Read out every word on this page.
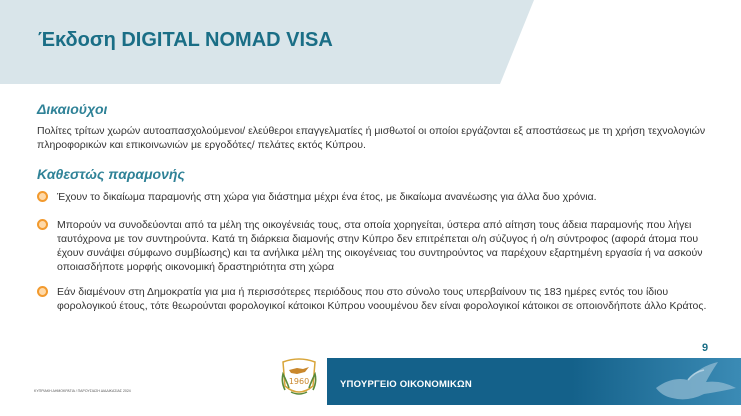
Έκδοση DIGITAL NOMAD VISA
Δικαιούχοι

Πολίτες τρίτων χωρών αυτοαπασχολούμενοι/ ελεύθεροι επαγγελματίες ή μισθωτοί οι οποίοι εργάζονται εξ αποστάσεως με τη χρήση τεχνολογιών πληροφορικών και επικοινωνιών με εργοδότες/ πελάτες εκτός Κύπρου.

Καθεστώς παραμονής

Έχουν το δικαίωμα παραμονής στη χώρα για διάστημα μέχρι ένα έτος, με δικαίωμα ανανέωσης για άλλα δυο χρόνια.

Μπορούν να συνοδεύονται από τα μέλη της οικογένειάς τους, στα οποία χορηγείται, ύστερα από αίτηση τους άδεια παραμονής που λήγει ταυτόχρονα με τον συντηρούντα. Κατά τη διάρκεια διαμονής στην Κύπρο δεν επιτρέπεται ο/η σύζυγος ή ο/η σύντροφος (αφορά άτομα που έχουν συνάψει σύμφωνο συμβίωσης) και τα ανήλικα μέλη της οικογένειας του συντηρούντος να παρέχουν εξαρτημένη εργασία ή να ασκούν οποιασδήποτε μορφής οικονομική δραστηριότητα στη χώρα

Εάν διαμένουν στη Δημοκρατία για μια ή περισσότερες περιόδους που στο σύνολο τους υπερβαίνουν τις 183 ημέρες εντός του ίδιου φορολογικού έτους, τότε θεωρούνται φορολογικοί κάτοικοι Κύπρου νοουμένου δεν είναι φορολογικοί κάτοικοι σε οποιονδήποτε άλλο Κράτος.

9
ΚΥΠΡΙΑΚΗ ΔΗΜΟΚΡΑΤΙΑ / ΠΑΡΟΥΣΙΑΣΗ ΔΙΑΔΙΚΑΣΙΑΣ 2024
1960	ΥΠΟΥΡΓΕΙΟ ΟΙΚΟΝΟΜΙΚΩΝ
